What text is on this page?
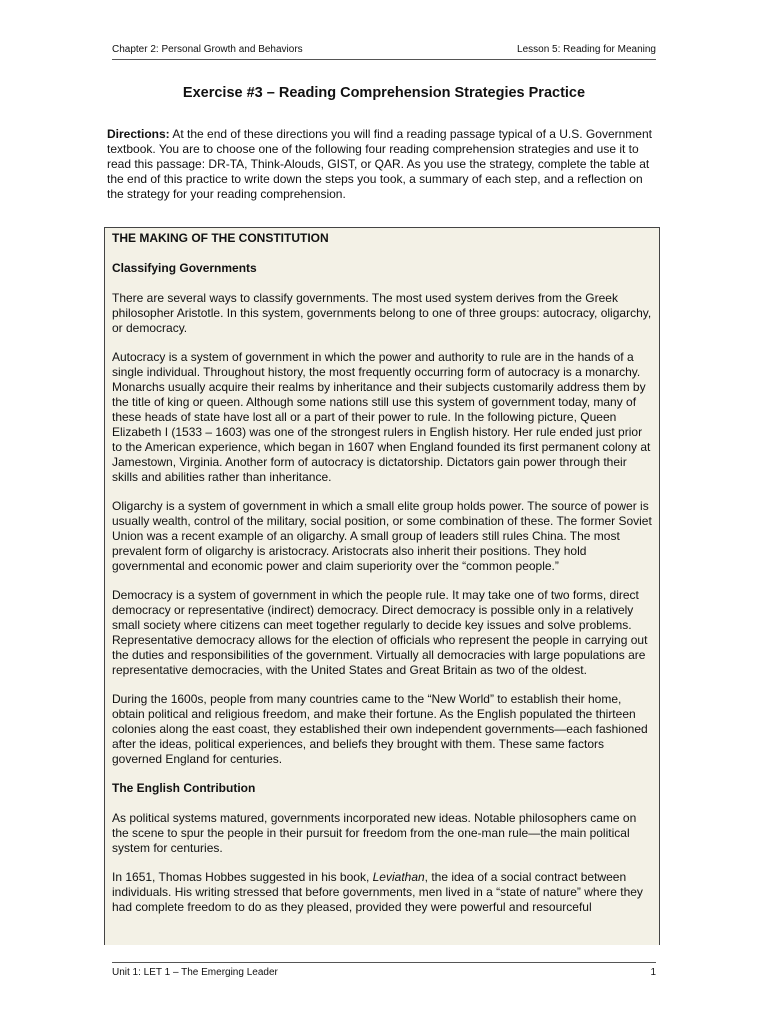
Chapter 2: Personal Growth and Behaviors	Lesson 5: Reading for Meaning
Exercise #3 – Reading Comprehension Strategies Practice
Directions: At the end of these directions you will find a reading passage typical of a U.S. Government textbook. You are to choose one of the following four reading comprehension strategies and use it to read this passage: DR-TA, Think-Alouds, GIST, or QAR. As you use the strategy, complete the table at the end of this practice to write down the steps you took, a summary of each step, and a reflection on the strategy for your reading comprehension.

THE MAKING OF THE CONSTITUTION

Classifying Governments

There are several ways to classify governments. The most used system derives from the Greek philosopher Aristotle. In this system, governments belong to one of three groups: autocracy, oligarchy, or democracy.

Autocracy is a system of government in which the power and authority to rule are in the hands of a single individual. Throughout history, the most frequently occurring form of autocracy is a monarchy. Monarchs usually acquire their realms by inheritance and their subjects customarily address them by the title of king or queen. Although some nations still use this system of government today, many of these heads of state have lost all or a part of their power to rule. In the following picture, Queen Elizabeth I (1533 – 1603) was one of the strongest rulers in English history. Her rule ended just prior to the American experience, which began in 1607 when England founded its first permanent colony at Jamestown, Virginia. Another form of autocracy is dictatorship. Dictators gain power through their skills and abilities rather than inheritance.

Oligarchy is a system of government in which a small elite group holds power. The source of power is usually wealth, control of the military, social position, or some combination of these. The former Soviet Union was a recent example of an oligarchy. A small group of leaders still rules China. The most prevalent form of oligarchy is aristocracy. Aristocrats also inherit their positions. They hold governmental and economic power and claim superiority over the “common people.”

Democracy is a system of government in which the people rule. It may take one of two forms, direct democracy or representative (indirect) democracy. Direct democracy is possible only in a relatively small society where citizens can meet together regularly to decide key issues and solve problems. Representative democracy allows for the election of officials who represent the people in carrying out the duties and responsibilities of the government. Virtually all democracies with large populations are representative democracies, with the United States and Great Britain as two of the oldest.

During the 1600s, people from many countries came to the “New World” to establish their home, obtain political and religious freedom, and make their fortune. As the English populated the thirteen colonies along the east coast, they established their own independent governments—each fashioned after the ideas, political experiences, and beliefs they brought with them. These same factors governed England for centuries.

The English Contribution

As political systems matured, governments incorporated new ideas. Notable philosophers came on the scene to spur the people in their pursuit for freedom from the one-man rule—the main political system for centuries.

In 1651, Thomas Hobbes suggested in his book, Leviathan, the idea of a social contract between individuals. His writing stressed that before governments, men lived in a “state of nature” where they had complete freedom to do as they pleased, provided they were powerful and resourceful

Unit 1: LET 1 – The Emerging Leader	1
